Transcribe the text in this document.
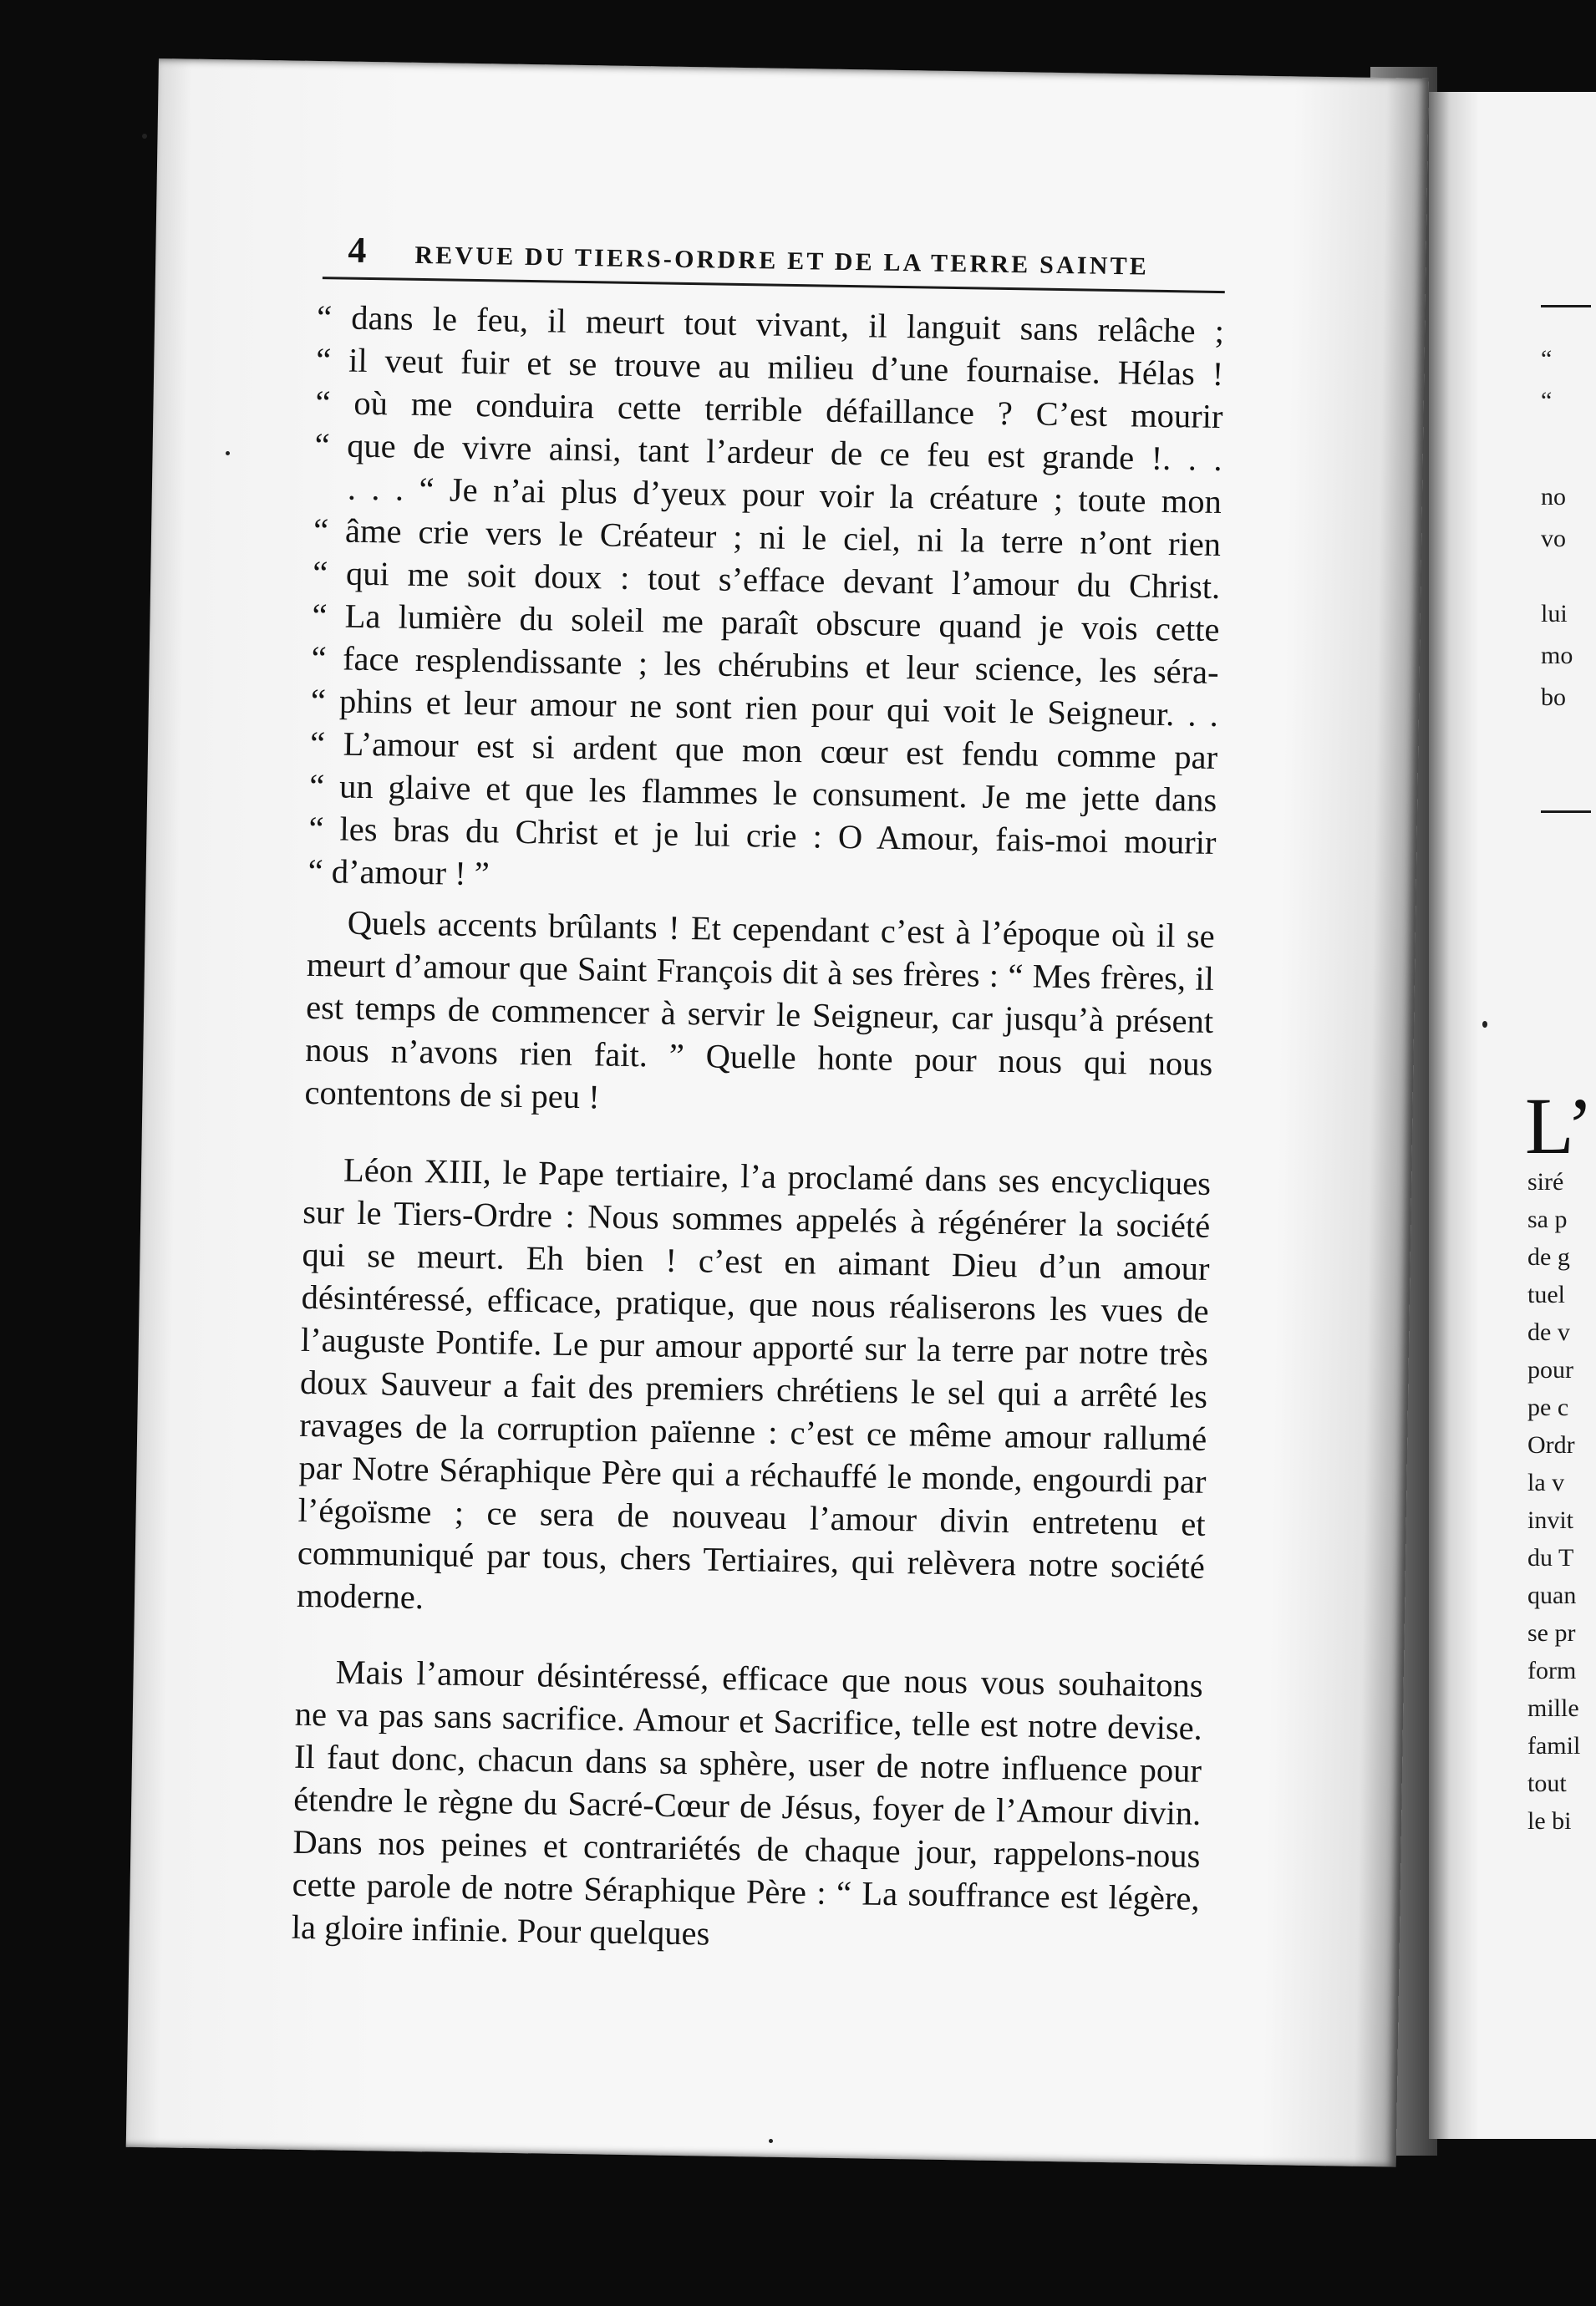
“
“
no
vo
lui
mo
bo
L’
siré
sa p
de g
tuel
de v
pour
pe c
Ordr
la v
invit
du T
quan
se pr
form
mille
famil
tout
le bi
4 REVUE DU TIERS-ORDRE ET DE LA TERRE SAINTE
“ dans le feu, il meurt tout vivant, il languit sans relâche ;
“ il veut fuir et se trouve au milieu d’une fournaise. Hélas !
“ où me conduira cette terrible défaillance ? C’est mourir
“ que de vivre ainsi, tant l’ardeur de ce feu est grande !. . .
. . . “ Je n’ai plus d’yeux pour voir la créature ; toute mon
“ âme crie vers le Créateur ; ni le ciel, ni la terre n’ont rien
“ qui me soit doux : tout s’efface devant l’amour du Christ.
“ La lumière du soleil me paraît obscure quand je vois cette
“ face resplendissante ; les chérubins et leur science, les séra-
“ phins et leur amour ne sont rien pour qui voit le Seigneur. . .
“ L’amour est si ardent que mon cœur est fendu comme par
“ un glaive et que les flammes le consument. Je me jette dans
“ les bras du Christ et je lui crie : O Amour, fais-moi mourir
“ d’amour ! ”

Quels accents brûlants ! Et cependant c’est à l’époque où il se meurt d’amour que Saint François dit à ses frères : “ Mes frères, il est temps de commencer à servir le Seigneur, car jusqu’à présent nous n’avons rien fait. ” Quelle honte pour nous qui nous contentons de si peu !

Léon XIII, le Pape tertiaire, l’a proclamé dans ses encycliques sur le Tiers-Ordre : Nous sommes appelés à régénérer la société qui se meurt. Eh bien ! c’est en aimant Dieu d’un amour désintéressé, efficace, pratique, que nous réaliserons les vues de l’auguste Pontife. Le pur amour apporté sur la terre par notre très doux Sauveur a fait des premiers chrétiens le sel qui a arrêté les ravages de la corruption païenne : c’est ce même amour rallumé par Notre Séraphique Père qui a réchauffé le monde, engourdi par l’égoïsme ; ce sera de nouveau l’amour divin entretenu et communiqué par tous, chers Tertiaires, qui relèvera notre société moderne.

Mais l’amour désintéressé, efficace que nous vous souhaitons ne va pas sans sacrifice. Amour et Sacrifice, telle est notre devise. Il faut donc, chacun dans sa sphère, user de notre influence pour étendre le règne du Sacré-Cœur de Jésus, foyer de l’Amour divin. Dans nos peines et contrariétés de chaque jour, rappelons-nous cette parole de notre Séraphique Père : “ La souffrance est légère, la gloire infinie. Pour quelques
